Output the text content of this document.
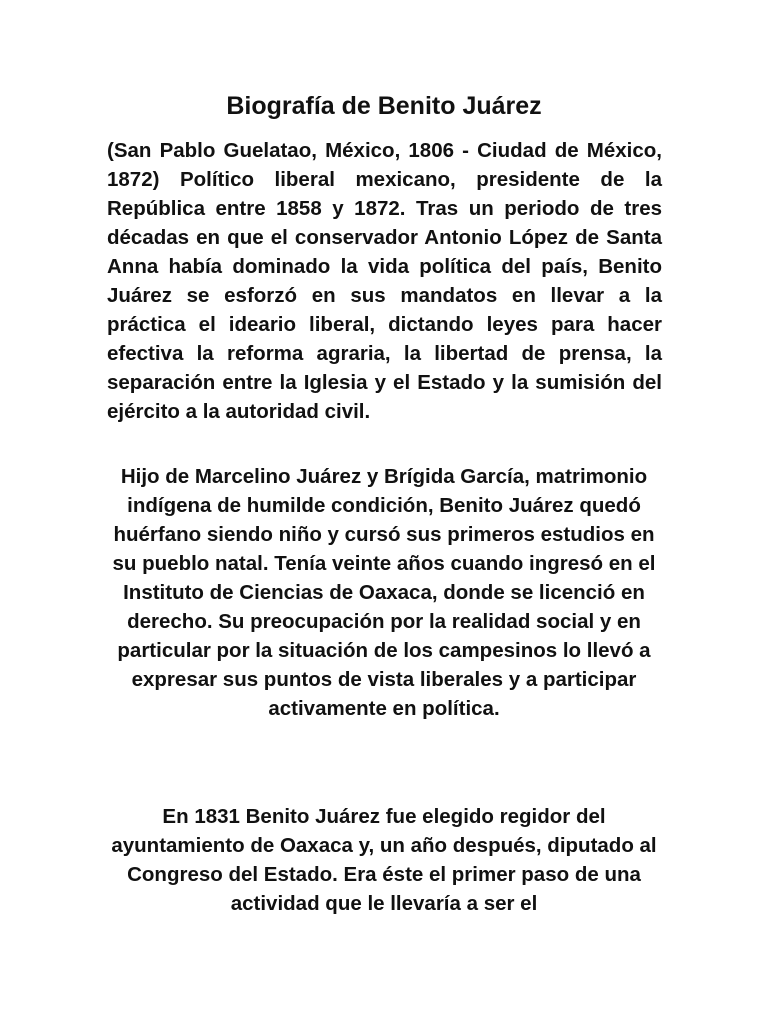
Biografía de Benito Juárez

(San Pablo Guelatao, México, 1806 - Ciudad de México, 1872) Político liberal mexicano, presidente de la República entre 1858 y 1872. Tras un periodo de tres décadas en que el conservador Antonio López de Santa Anna había dominado la vida política del país, Benito Juárez se esforzó en sus mandatos en llevar a la práctica el ideario liberal, dictando leyes para hacer efectiva la reforma agraria, la libertad de prensa, la separación entre la Iglesia y el Estado y la sumisión del ejército a la autoridad civil.

Hijo de Marcelino Juárez y Brígida García, matrimonio indígena de humilde condición, Benito Juárez quedó huérfano siendo niño y cursó sus primeros estudios en su pueblo natal. Tenía veinte años cuando ingresó en el Instituto de Ciencias de Oaxaca, donde se licenció en derecho. Su preocupación por la realidad social y en particular por la situación de los campesinos lo llevó a expresar sus puntos de vista liberales y a participar activamente en política.

En 1831 Benito Juárez fue elegido regidor del ayuntamiento de Oaxaca y, un año después, diputado al Congreso del Estado. Era éste el primer paso de una actividad que le llevaría a ser el
